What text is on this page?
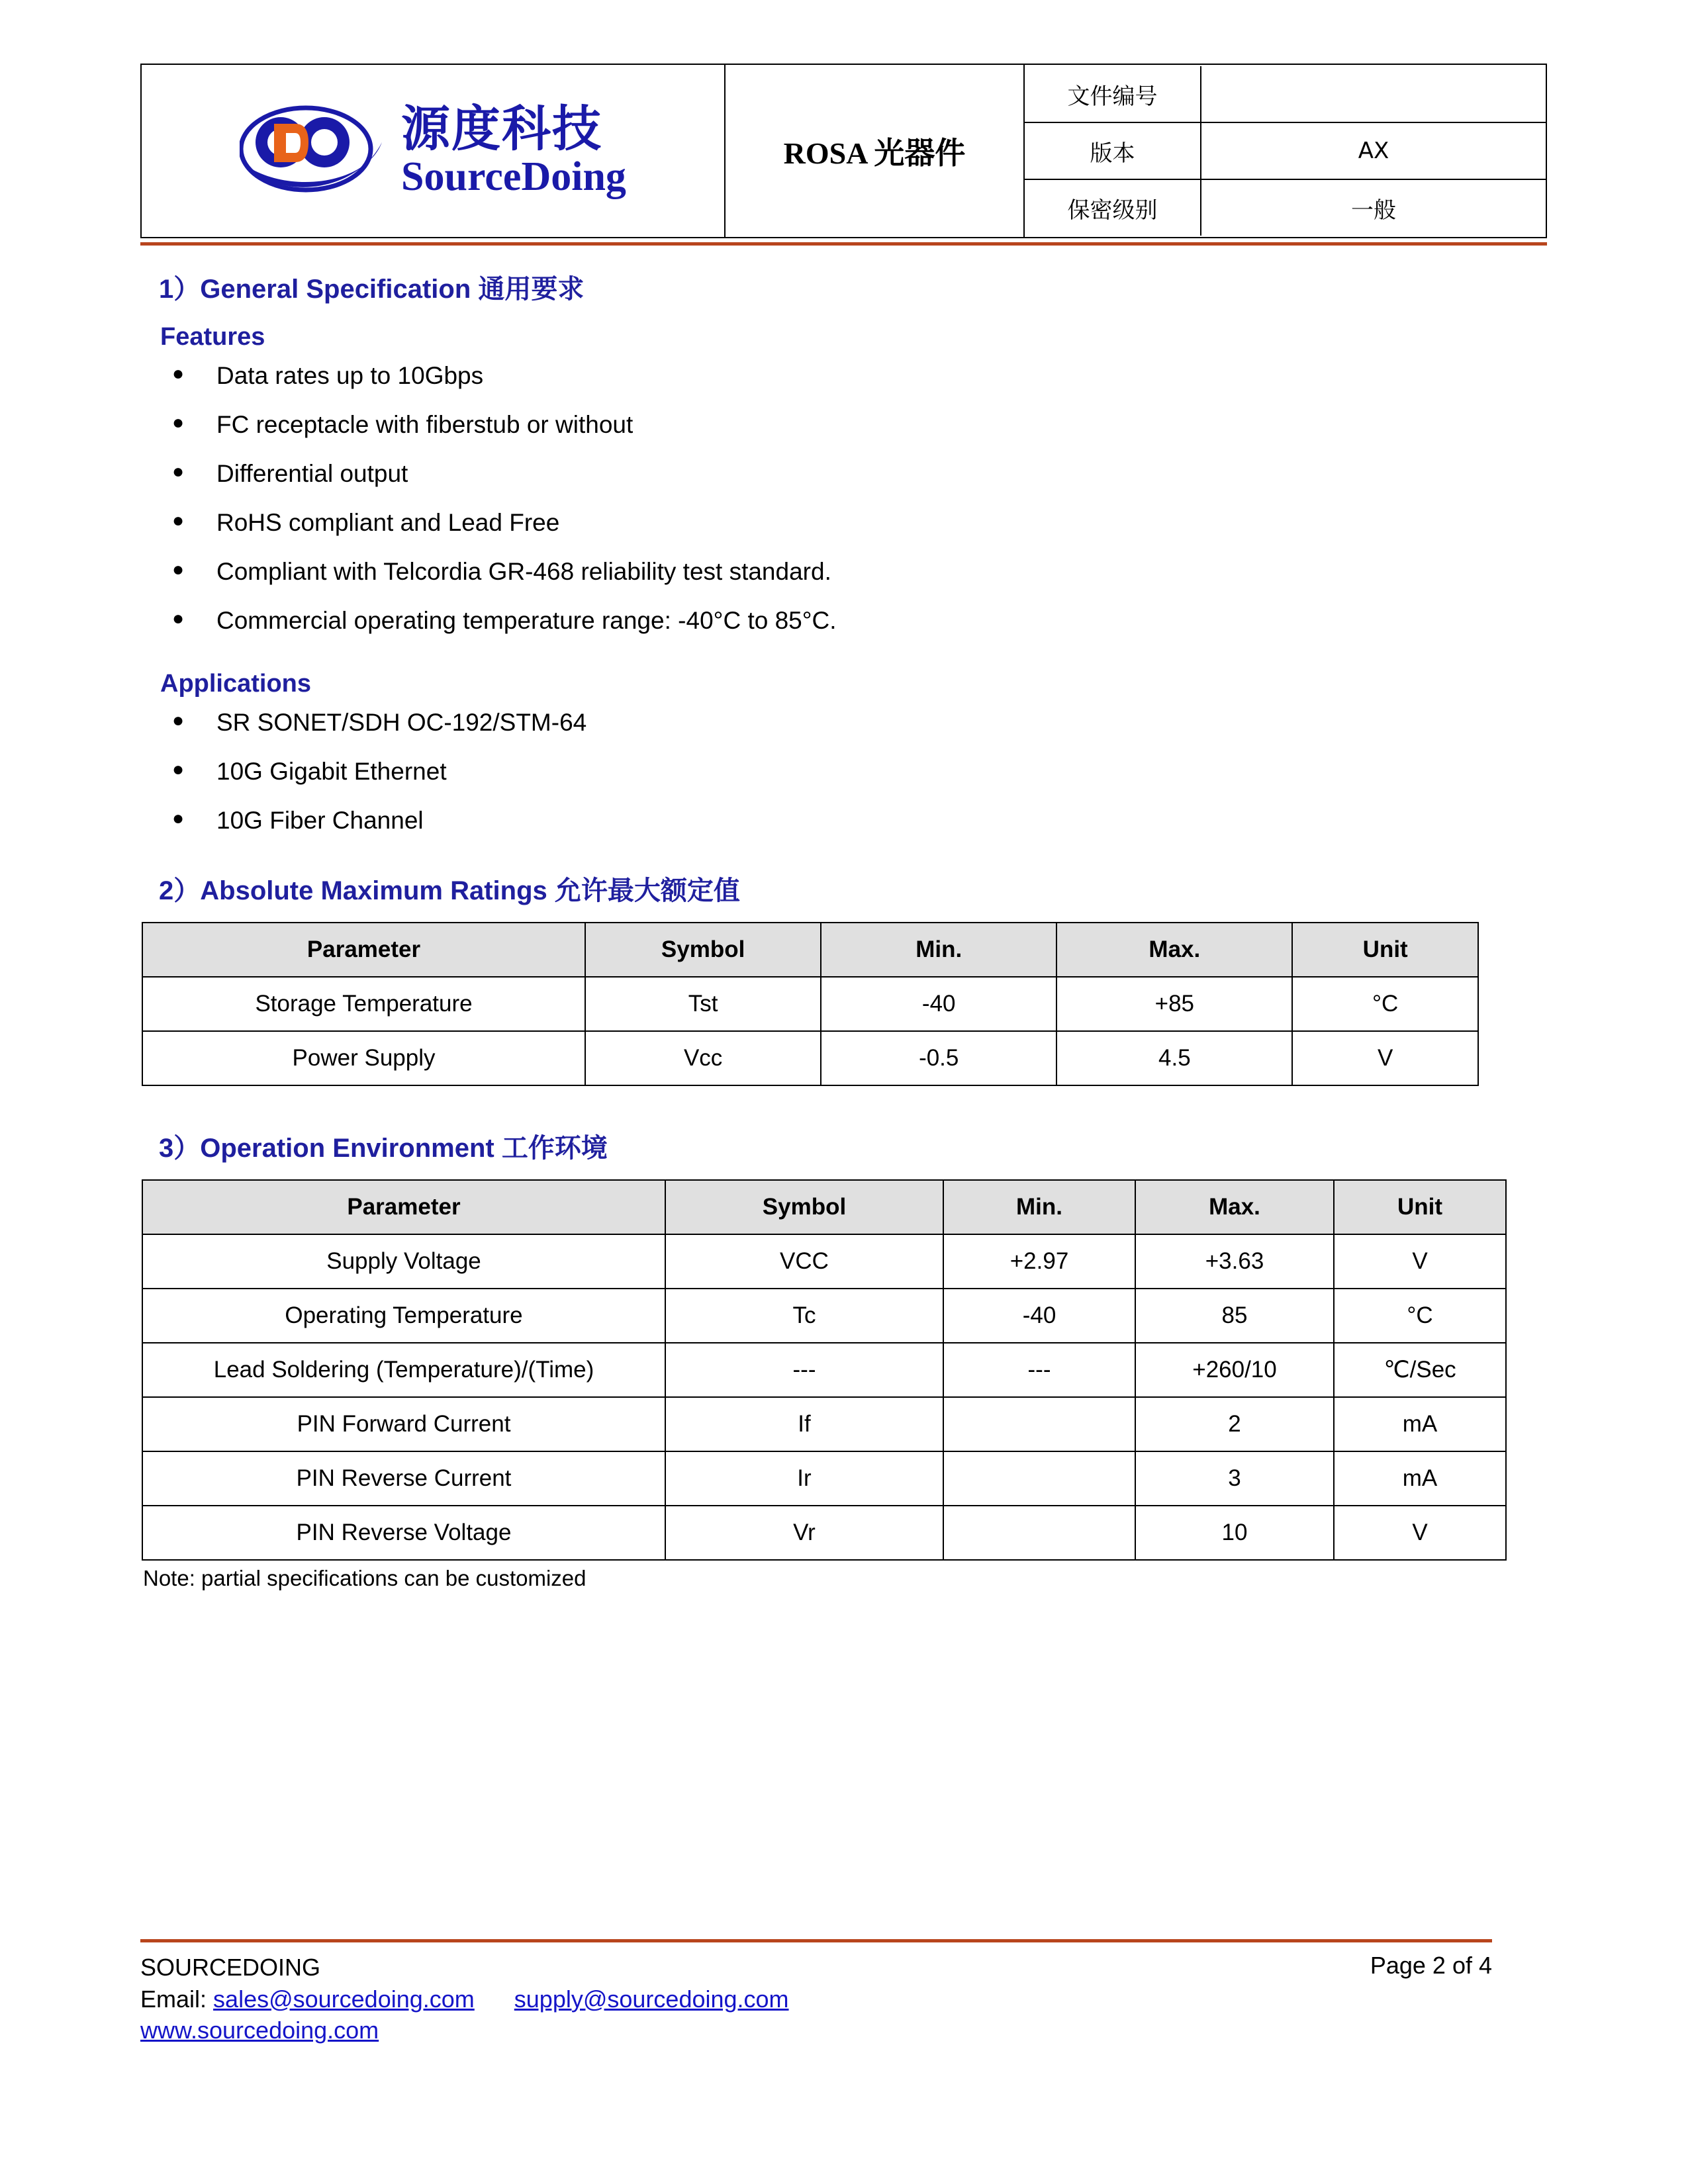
源度科技
SourceDoing
	ROSA 光器件	
文件编号	
版本	AX
保密级别	一般
1）General Specification 通用要求
Features
● Data rates up to 10Gbps
● FC receptacle with fiberstub or without
● Differential output
● RoHS compliant and Lead Free
● Compliant with Telcordia GR-468 reliability test standard.
● Commercial operating temperature range: -40°C to 85°C.
Applications
● SR SONET/SDH OC-192/STM-64
● 10G Gigabit Ethernet
● 10G Fiber Channel
2）Absolute Maximum Ratings 允许最大额定值
Parameter	Symbol	Min.	Max.	Unit
Storage Temperature	Tst	-40	+85	°C
Power Supply	Vcc	-0.5	4.5	V
3）Operation Environment 工作环境
Parameter	Symbol	Min.	Max.	Unit
Supply Voltage	VCC	+2.97	+3.63	V
Operating Temperature	Tc	-40	85	°C
Lead Soldering (Temperature)/(Time)	---	---	+260/10	℃/Sec
PIN Forward Current	If		2	mA
PIN Reverse Current	Ir		3	mA
PIN Reverse Voltage	Vr		10	V
Note: partial specifications can be customized
SOURCEDOING
Email: sales@sourcedoing.com supply@sourcedoing.com
www.sourcedoing.com
Page 2 of 4
